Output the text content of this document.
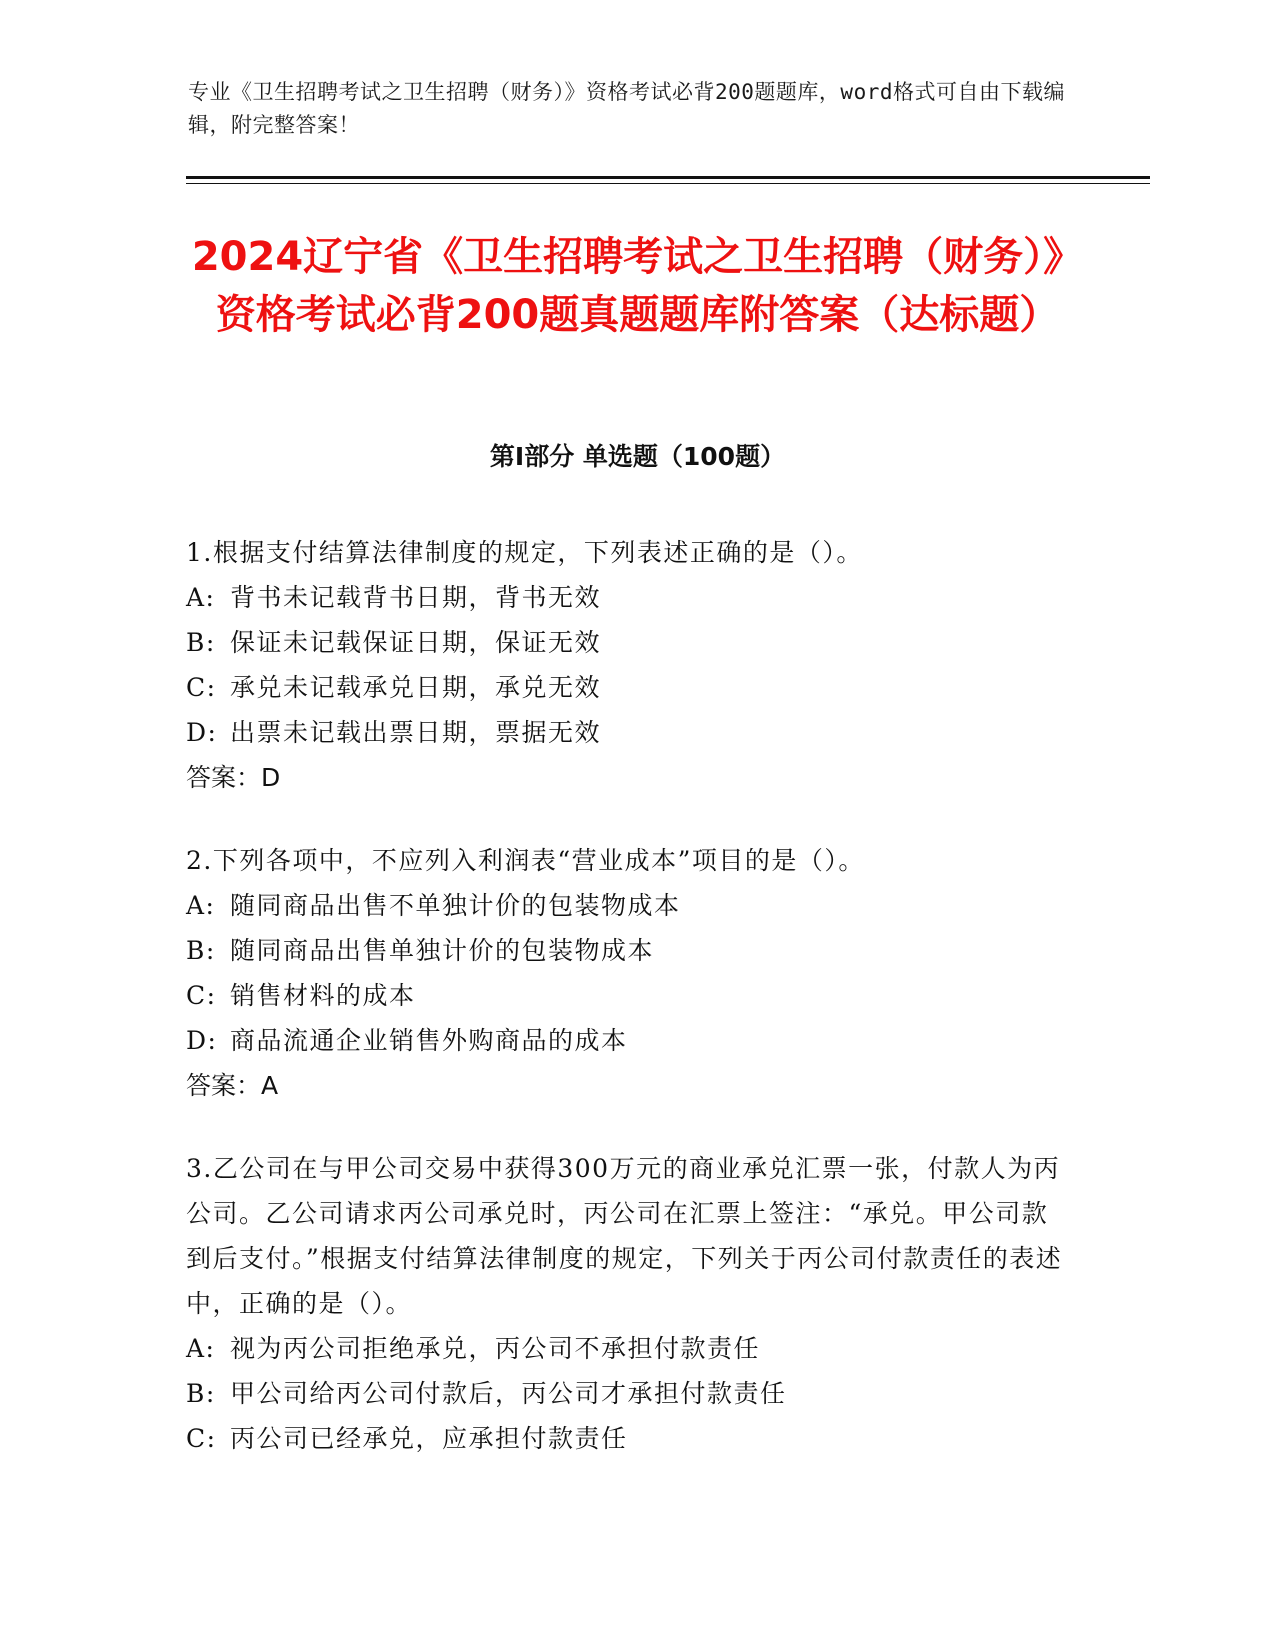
专业《卫生招聘考试之卫生招聘（财务）》资格考试必背200题题库，word格式可自由下载编辑，附完整答案！
2024辽宁省《卫生招聘考试之卫生招聘（财务）》资格考试必背200题真题题库附答案（达标题）
第I部分 单选题（100题）

1.根据支付结算法律制度的规定，下列表述正确的是（）。

A: 背书未记载背书日期，背书无效

B: 保证未记载保证日期，保证无效

C: 承兑未记载承兑日期，承兑无效

D: 出票未记载出票日期，票据无效

答案：D

2.下列各项中，不应列入利润表“营业成本”项目的是（）。

A: 随同商品出售不单独计价的包装物成本

B: 随同商品出售单独计价的包装物成本

C: 销售材料的成本

D: 商品流通企业销售外购商品的成本

答案：A

3.乙公司在与甲公司交易中获得300万元的商业承兑汇票一张，付款人为丙公司。乙公司请求丙公司承兑时，丙公司在汇票上签注：“承兑。甲公司款到后支付。”根据支付结算法律制度的规定，下列关于丙公司付款责任的表述中，正确的是（）。

A: 视为丙公司拒绝承兑，丙公司不承担付款责任

B: 甲公司给丙公司付款后，丙公司才承担付款责任

C: 丙公司已经承兑，应承担付款责任
